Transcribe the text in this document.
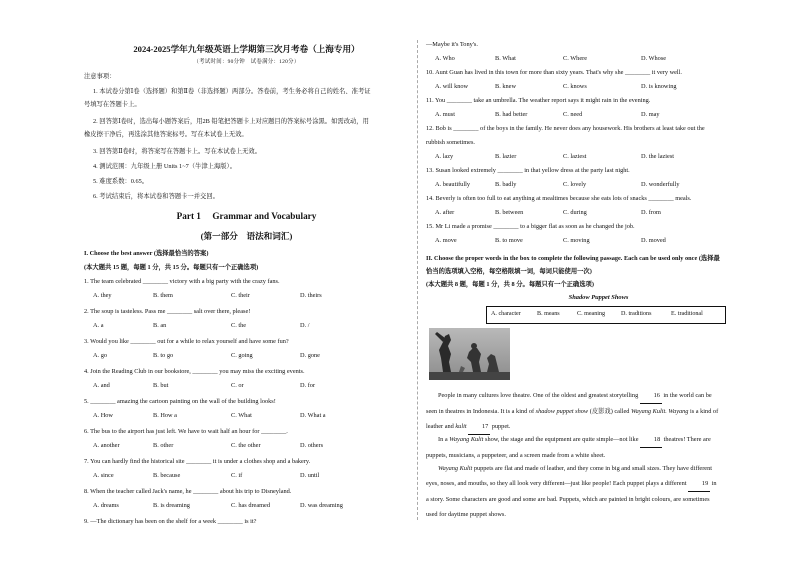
2024-2025学年九年级英语上学期第三次月考卷（上海专用）
（考试时间：90分钟　试卷满分：120分）
注意事项：
1. 本试卷分第Ⅰ卷（选择题）和第Ⅱ卷（非选择题）两部分。答卷前，考生务必将自己的姓名、准考证
号填写在答题卡上。
2. 回答第Ⅰ卷时，选出每小题答案后，用2B 铅笔把答题卡上对应题目的答案标号涂黑。如需改动，用
橡皮擦干净后，再选涂其他答案标号。写在本试卷上无效。
3. 回答第Ⅱ卷时，将答案写在答题卡上。写在本试卷上无效。
4. 测试范围：九年级上册 Units 1~7（牛津上海版）。
5. 难度系数：0.65。
6. 考试结束后，将本试卷和答题卡一并交回。
Part 1　 Grammar and Vocabulary
(第一部分　语法和词汇)
I. Choose the best answer (选择最恰当的答案)
(本大题共 15 题，每题 1 分，共 15 分。每题只有一个正确选项)
1. The team celebrated ________ victory with a big party with the crazy fans.
A. they	B. them	C. their	D. theirs
2. The soup is tasteless. Pass me ________ salt over there, please!
A. a	B. an	C. the	D. /
3. Would you like ________ out for a while to relax yourself and have some fun?
A. go	B. to go	C. going	D. gone
4. Join the Reading Club in our bookstore, ________ you may miss the exciting events.
A. and	B. but	C. or	D. for
5. ________ amazing the cartoon painting on the wall of the building looks!
A. How	B. How a	C. What	D. What a
6. The bus to the airport has just left. We have to wait half an hour for ________.
A. another	B. other	C. the other	D. others
7. You can hardly find the historical site ________ it is under a clothes shop and a bakery.
A. since	B. because	C. if	D. until
8. When the teacher called Jack's name, he ________ about his trip to Disneyland.
A. dreams	B. is dreaming	C. has dreamed	D. was dreaming
9. —The dictionary has been on the shelf for a week ________ is it?
—Maybe it's Tony's.
A. Who	B. What	C. Where	D. Whose
10. Aunt Guan has lived in this town for more than sixty years. That's why she ________ it very well.
A. will know	B. knew	C. knows	D. is knowing
11. You ________ take an umbrella. The weather report says it might rain in the evening.
A. must	B. had better	C. need	D. may
12. Bob is ________ of the boys in the family. He never does any housework. His brothers at least take out the
rubbish sometimes.
A. lazy	B. lazier	C. laziest	D. the laziest
13. Susan looked extremely ________ in that yellow dress at the party last night.
A. beautifully	B. badly	C. lovely	D. wonderfully
14. Beverly is often too full to eat anything at mealtimes because she eats lots of snacks ________ meals.
A. after	B. between	C. during	D. from
15. Mr Li made a promise ________ to a bigger flat as soon as he changed the job.
A. move	B. to move	C. moving	D. moved
II. Choose the proper words in the box to complete the following passage. Each can be used only once (选择最
恰当的选项填入空格，每空格限填一词，每词只能使用一次)
(本大题共 8 题，每题 1 分，共 8 分。每题只有一个正确选项)
Shadow Puppet Shows
A. character	B. means	C. meaning	D. traditions	E. traditional
People in many cultures love theatre. One of the oldest and greatest storytelling 16 in the world can be
seen in theatres in Indonesia. It is a kind of shadow puppet show (皮影戏) called Wayang Kulit. Wayang is a kind of
leather and kulit 17 puppet.
In a Wayang Kulit show, the stage and the equipment are quite simple—not like 18 theatres! There are
puppets, musicians, a puppeteer, and a screen made from a white sheet.
Wayang Kulit puppets are flat and made of leather, and they come in big and small sizes. They have different
eyes, noses, and mouths, so they all look very different—just like people! Each puppet plays a different 19 in
a story. Some characters are good and some are bad. Puppets, which are painted in bright colours, are sometimes
used for daytime puppet shows.
